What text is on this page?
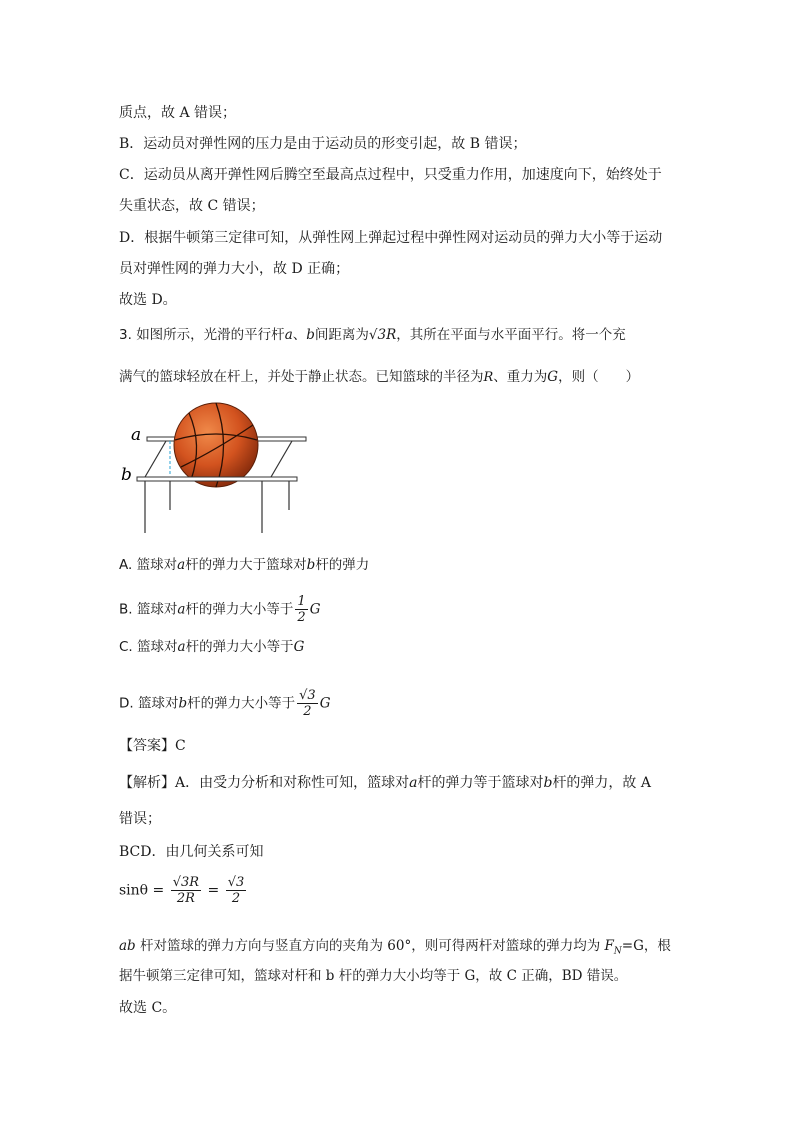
质点，故 A 错误；
B．运动员对弹性网的压力是由于运动员的形变引起，故 B 错误；
C．运动员从离开弹性网后腾空至最高点过程中，只受重力作用，加速度向下，始终处于
失重状态，故 C 错误；
D．根据牛顿第三定律可知，从弹性网上弹起过程中弹性网对运动员的弹力大小等于运动
员对弹性网的弹力大小，故 D 正确；
故选 D。
3. 如图所示，光滑的平行杆a、b间距离为√3R，其所在平面与水平面平行。将一个充
满气的篮球轻放在杆上，并处于静止状态。已知篮球的半径为R、重力为G，则（　　）
a
b
A. 篮球对a杆的弹力大于篮球对b杆的弹力
B. 篮球对a杆的弹力大小等于 $\frac{1}{2}$ G
C. 篮球对a杆的弹力大小等于G
D. 篮球对b杆的弹力大小等于 $\frac{√3}{2}$ G
【答案】C
【解析】A．由受力分析和对称性可知，篮球对a杆的弹力等于篮球对b杆的弹力，故 A
错误；
BCD．由几何关系可知
$\sin\theta = \frac{√3R}{2R} = \frac{√3}{2}$
ab 杆对篮球的弹力方向与竖直方向的夹角为 60°，则可得两杆对篮球的弹力均为 $F_N=G$，根
据牛顿第三定律可知，篮球对杆和 b 杆的弹力大小均等于 G，故 C 正确，BD 错误。
故选 C。
